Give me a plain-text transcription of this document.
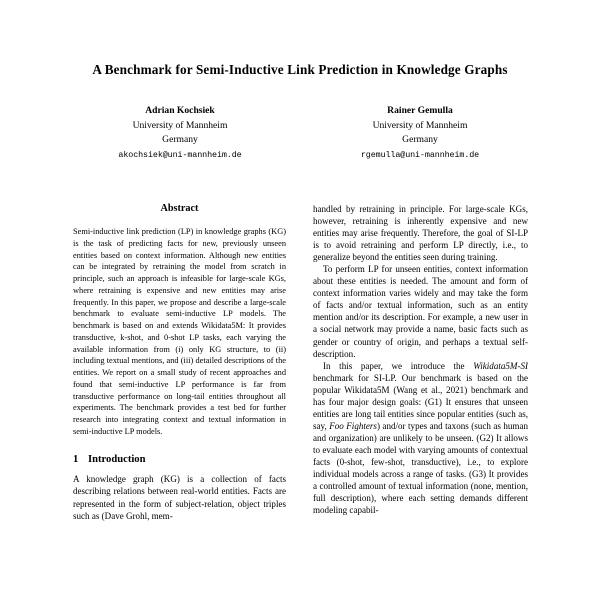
A Benchmark for Semi-Inductive Link Prediction in Knowledge Graphs
Adrian Kochsiek
University of Mannheim
Germany
akochsiek@uni-mannheim.de
Rainer Gemulla
University of Mannheim
Germany
rgemulla@uni-mannheim.de
Abstract

Semi-inductive link prediction (LP) in knowledge graphs (KG) is the task of predicting facts for new, previously unseen entities based on context information. Although new entities can be integrated by retraining the model from scratch in principle, such an approach is infeasible for large-scale KGs, where retraining is expensive and new entities may arise frequently. In this paper, we propose and describe a large-scale benchmark to evaluate semi-inductive LP models. The benchmark is based on and extends Wikidata5M: It provides transductive, k-shot, and 0-shot LP tasks, each varying the available information from (i) only KG structure, to (ii) including textual mentions, and (iii) detailed descriptions of the entities. We report on a small study of recent approaches and found that semi-inductive LP performance is far from transductive performance on long-tail entities throughout all experiments. The benchmark provides a test bed for further research into integrating context and textual information in semi-inductive LP models.

1 Introduction

A knowledge graph (KG) is a collection of facts describing relations between real-world entities. Facts are represented in the form of subject-relation, object triples such as (Dave Grohl, mem-

handled by retraining in principle. For large-scale KGs, however, retraining is inherently expensive and new entities may arise frequently. Therefore, the goal of SI-LP is to avoid retraining and perform LP directly, i.e., to generalize beyond the entities seen during training.

To perform LP for unseen entities, context information about these entities is needed. The amount and form of context information varies widely and may take the form of facts and/or textual information, such as an entity mention and/or its description. For example, a new user in a social network may provide a name, basic facts such as gender or country of origin, and perhaps a textual self-description.

In this paper, we introduce the Wikidata5M-SI benchmark for SI-LP. Our benchmark is based on the popular Wikidata5M (Wang et al., 2021) benchmark and has four major design goals: (G1) It ensures that unseen entities are long tail entities since popular entities (such as, say, Foo Fighters) and/or types and taxons (such as human and organization) are unlikely to be unseen. (G2) It allows to evaluate each model with varying amounts of contextual facts (0-shot, few-shot, transductive), i.e., to explore individual models across a range of tasks. (G3) It provides a controlled amount of textual information (none, mention, full description), where each setting demands different modeling capabil-
